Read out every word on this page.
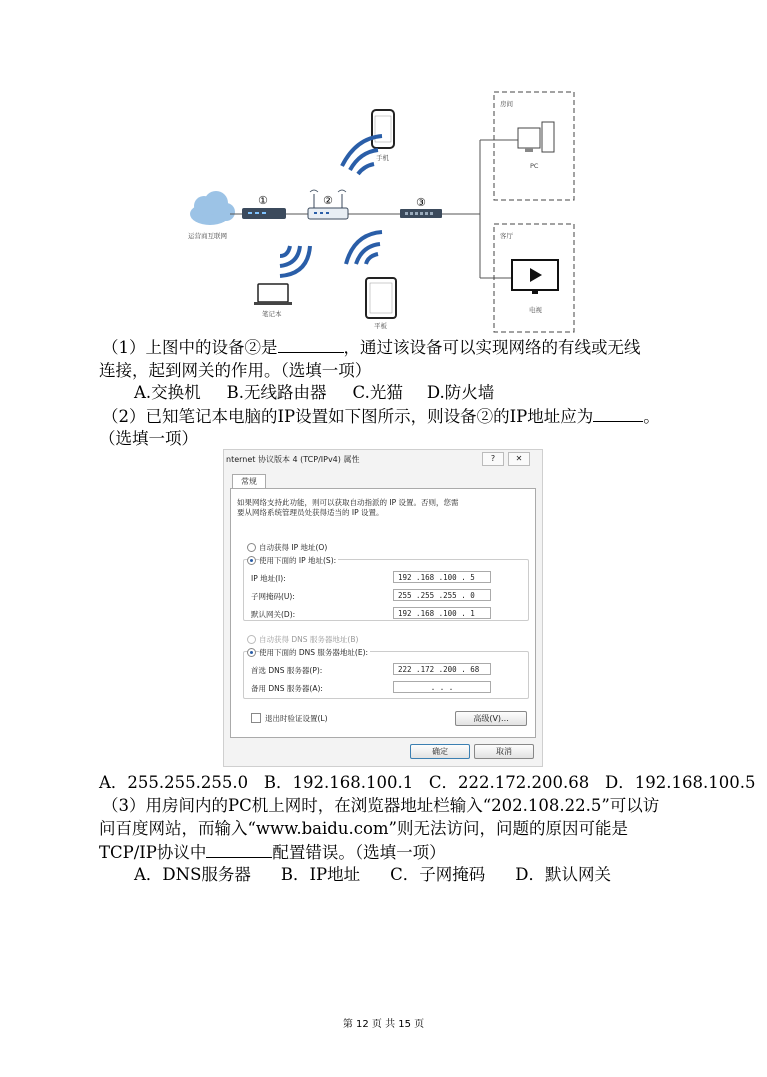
运营商互联网
①	②	③
手机
笔记本
平板
房间
PC
客厅
电视
（1）上图中的设备②是	，通过该设备可以实现网络的有线或无线
连接，起到网关的作用。（选填一项）
A.交换机 B.无线路由器 C.光猫 D.防火墙
（2）已知笔记本电脑的IP设置如下图所示，则设备②的IP地址应为	。
（选填一项）
nternet 协议版本 4 (TCP/IPv4) 属性	?	✕
常规
如果网络支持此功能，则可以获取自动指派的 IP 设置。否则，您需
要从网络系统管理员处获得适当的 IP 设置。
自动获得 IP 地址(O)
使用下面的 IP 地址(S):
IP 地址(I):	192 .168 .100 . 5
子网掩码(U):	255 .255 .255 . 0
默认网关(D):	192 .168 .100 . 1
自动获得 DNS 服务器地址(B)
使用下面的 DNS 服务器地址(E):
首选 DNS 服务器(P):	222 .172 .200 . 68
备用 DNS 服务器(A):	. . .
退出时验证设置(L)	高级(V)...
确定	取消
A．255.255.255.0   B．192.168.100.1   C．222.172.200.68   D．192.168.100.5
（3）用房间内的PC机上网时，在浏览器地址栏输入“202.108.22.5”可以访
问百度网站，而输入“www.baidu.com”则无法访问，问题的原因可能是
TCP/IP协议中	配置错误。（选填一项）
A．DNS服务器 B．IP地址 C．子网掩码 D．默认网关
第 12 页 共 15 页
